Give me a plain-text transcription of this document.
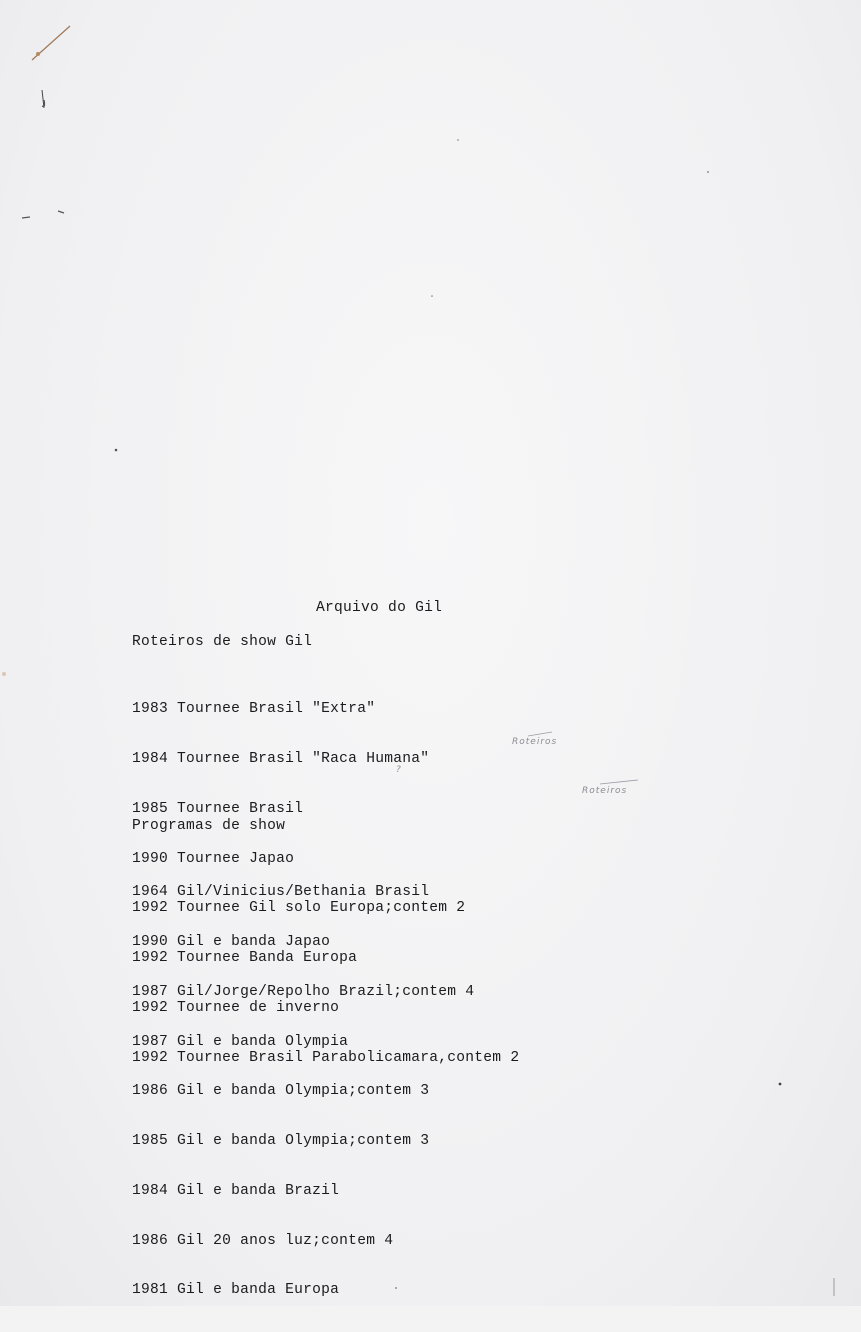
Arquivo do Gil
Roteiros de show Gil

1983 Tournee Brasil "Extra"

1984 Tournee Brasil "Raca Humana"

1985 Tournee Brasil

1990 Tournee Japao

1992 Tournee Gil solo Europa;contem 2

1992 Tournee Banda Europa

1992 Tournee de inverno

1992 Tournee Brasil Parabolicamara,contem 2

Roteiros
?
Roteiros
Programas de show

1964 Gil/Vinicius/Bethania Brasil

1990 Gil e banda Japao

1987 Gil/Jorge/Repolho Brazil;contem 4

1987 Gil e banda Olympia

1986 Gil e banda Olympia;contem 3

1985 Gil e banda Olympia;contem 3

1984 Gil e banda Brazil

1986 Gil 20 anos luz;contem 4

1981 Gil e banda Europa
